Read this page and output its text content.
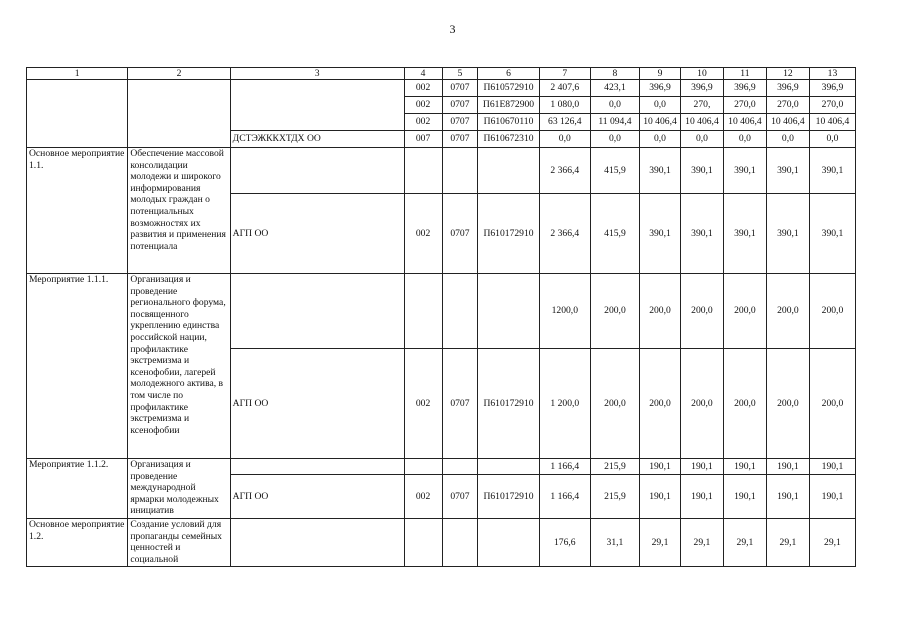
3
1	2	3	4	5	6	7	8	9	10	11	12	13
			002	0707	П610572910	2 407,6	423,1	396,9	396,9	396,9	396,9	396,9
			002	0707	П61Е872900	1 080,0	0,0	0,0	270,	270,0	270,0	270,0
			002	0707	П610670110	63 126,4	11 094,4	10 406,4	10 406,4	10 406,4	10 406,4	10 406,4
		ДСТЭЖККХТДХ ОО	007	0707	П610672310	0,0	0,0	0,0	0,0	0,0	0,0	0,0
Основное мероприятие 1.1.	Обеспечение массовой консолидации молодежи и широкого информирования молодых граждан о потенциальных возможностях их развития и применения потенциала					2 366,4	415,9	390,1	390,1	390,1	390,1	390,1
		АГП ОО	002	0707	П610172910	2 366,4	415,9	390,1	390,1	390,1	390,1	390,1
Мероприятие 1.1.1.	Организация и проведение регионального форума, посвященного укреплению единства российской нации, профилактике экстремизма и ксенофобии, лагерей молодежного актива, в том числе по профилактике экстремизма и ксенофобии					1200,0	200,0	200,0	200,0	200,0	200,0	200,0
		АГП ОО	002	0707	П610172910	1 200,0	200,0	200,0	200,0	200,0	200,0	200,0
Мероприятие 1.1.2.	Организация и проведение международной ярмарки молодежных инициатив					1 166,4	215,9	190,1	190,1	190,1	190,1	190,1
		АГП ОО	002	0707	П610172910	1 166,4	215,9	190,1	190,1	190,1	190,1	190,1
Основное мероприятие 1.2.	Создание условий для пропаганды семейных ценностей и социальной					176,6	31,1	29,1	29,1	29,1	29,1	29,1
